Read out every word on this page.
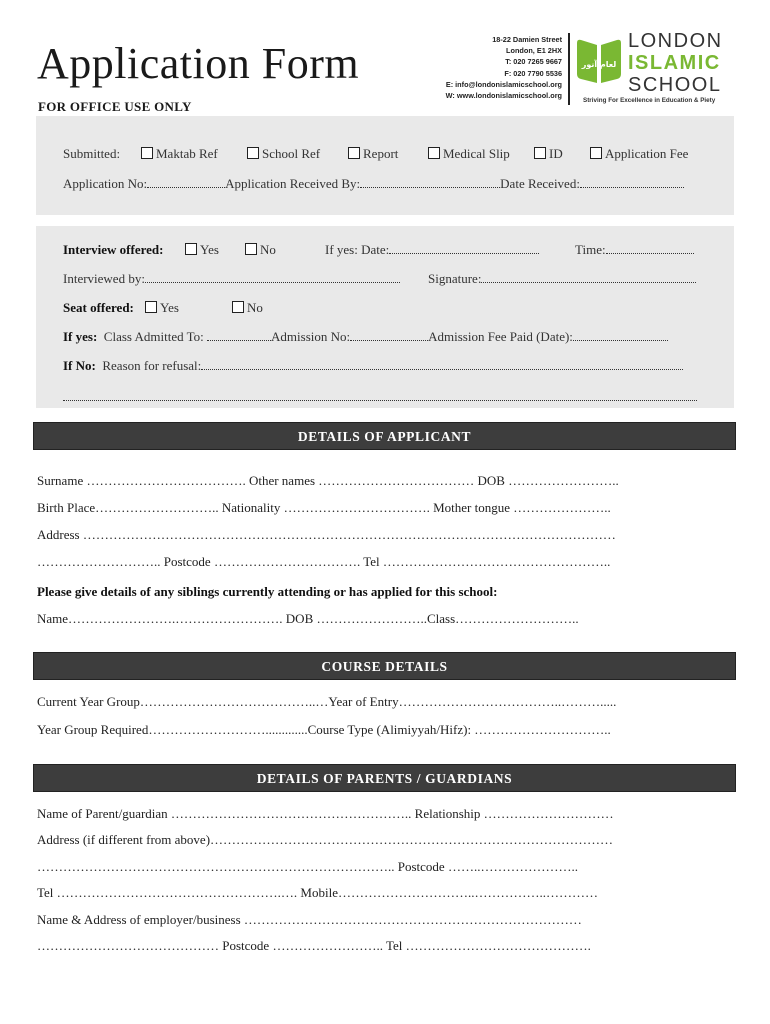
Application Form
FOR OFFICE USE ONLY
18-22 Damien Street
London, E1 2HX
T: 020 7265 9667
F: 020 7790 5536
E: info@londonislamicschool.org
W: www.londonislamicschool.org
لعام آنور
LONDON
ISLAMIC
SCHOOL
Striving For Excellence in Education & Piety
Submitted:	Maktab Ref	School Ref	Report	Medical Slip	ID	Application Fee
Application No:	Application Received By:	Date Received:
Interview offered:	Yes	No	If yes: Date:	Time:
Interviewed by:	Signature:
Seat offered:	Yes	No
If yes: Class Admitted To:	Admission No:	Admission Fee Paid (Date):
If No: Reason for refusal:
DETAILS OF APPLICANT
Surname ………………………………. Other names ……………………………… DOB ……………………..
Birth Place……………………….. Nationality ……………………………. Mother tongue …………………..
Address ……………………………………………………………………………………………………………
……………………….. Postcode ……………………………. Tel ……………………………………………..
Please give details of any siblings currently attending or has applied for this school:
Name…………………….……………………. DOB ……………………..Class………………………..
COURSE DETAILS
Current Year Group…………………………………..…Year of Entry………………………………..……….....
Year Group Required……………………….............Course Type (Alimiyyah/Hifz): …………………………..
DETAILS OF PARENTS / GUARDIANS
Name of Parent/guardian ……………………………………………….. Relationship …………………………
Address (if different from above)…………………………………………………………………………………
……………………………………………………………………….. Postcode ……..…………………..
Tel …………………………………………….…. Mobile…………………………..……………..…………
Name & Address of employer/business ……………………………………………………………………
…………………………………… Postcode …………………….. Tel …………………………………….
